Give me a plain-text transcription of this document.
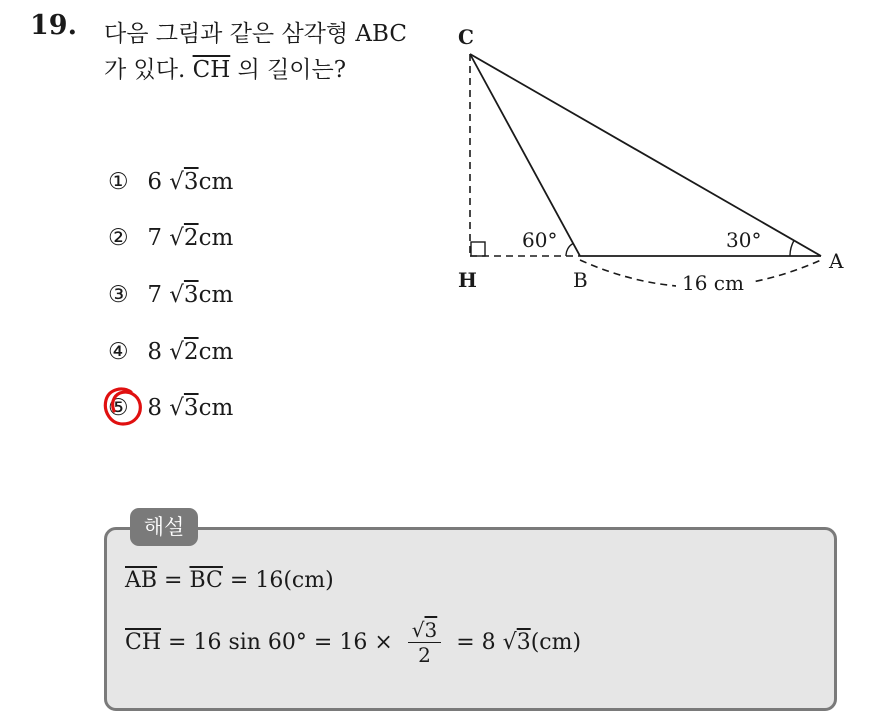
19. 다음 그림과 같은 삼각형 ABC 가 있다. $\overline{CH}$ 의 길이는?
① 6 √3cm
② 7 √2cm
③ 7 √3cm
④ 8 √2cm
⑤ 8 √3cm
C
H	B
A
60°	30°
16 cm
해설
$\overline{AB} = \overline{BC} = 16(cm)$
$\overline{CH} = 16$ $\sin 60^\circ = 16 \times \frac{√3}{2} = 8$ √ 3 (cm)
